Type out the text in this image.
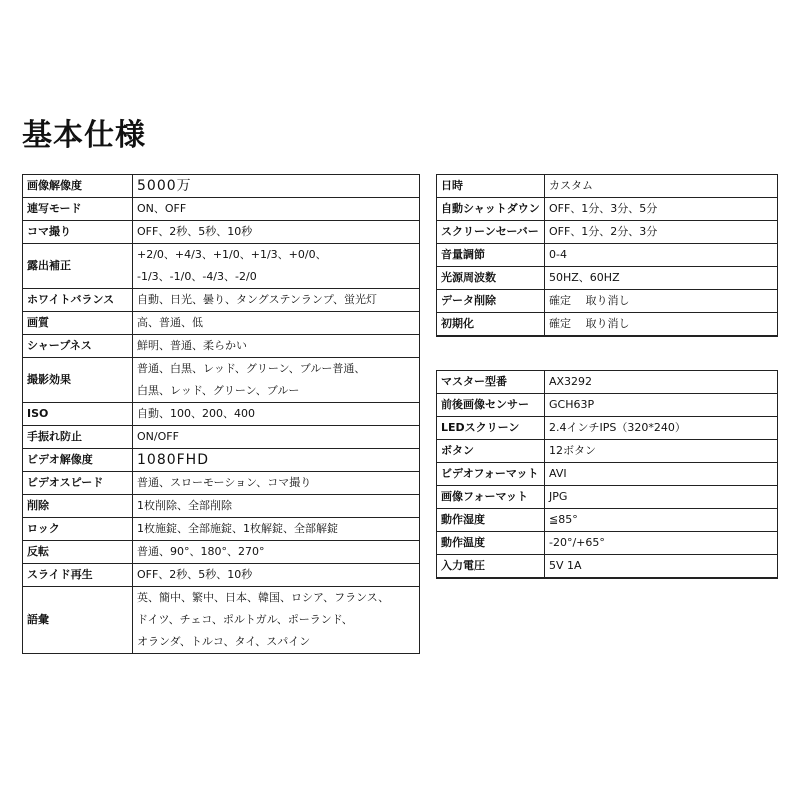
基本仕様
画像解像度	5000万

連写モード	ON、OFF

コマ撮り	OFF、2秒、5秒、10秒

露出補正	+2/0、+4/3、+1/0、+1/3、+0/0、
-1/3、-1/0、-4/3、-2/0

ホワイトバランス	自動、日光、曇り、タングステンランプ、蛍光灯

画質	高、普通、低

シャープネス	鮮明、普通、柔らかい

撮影効果	普通、白黒、レッド、グリーン、ブルー普通、
白黒、レッド、グリーン、ブルー

ISO	自動、100、200、400

手振れ防止	ON/OFF

ビデオ解像度	1080FHD

ビデオスピード	普通、スローモーション、コマ撮り

削除	1枚削除、全部削除

ロック	1枚施錠、全部施錠、1枚解錠、全部解錠

反転	普通、90°、180°、270°

スライド再生	OFF、2秒、5秒、10秒

語彙	英、簡中、繁中、日本、韓国、ロシア、フランス、
ドイツ、チェコ、ポルトガル、ポーランド、
オランダ、トルコ、タイ、スパイン
日時	カスタム

自動シャットダウン	OFF、1分、3分、5分

スクリーンセーバー	OFF、1分、2分、3分

音量調節	0-4

光源周波数	50HZ、60HZ

データ削除	確定　 取り消し

初期化	確定　 取り消し
マスター型番	AX3292

前後画像センサー	GCH63P

LEDスクリーン	2.4インチIPS（320*240）

ボタン	12ボタン

ビデオフォーマット	AVI

画像フォーマット	JPG

動作湿度	≦85°

動作温度	-20°/+65°

入力電圧	5V 1A
